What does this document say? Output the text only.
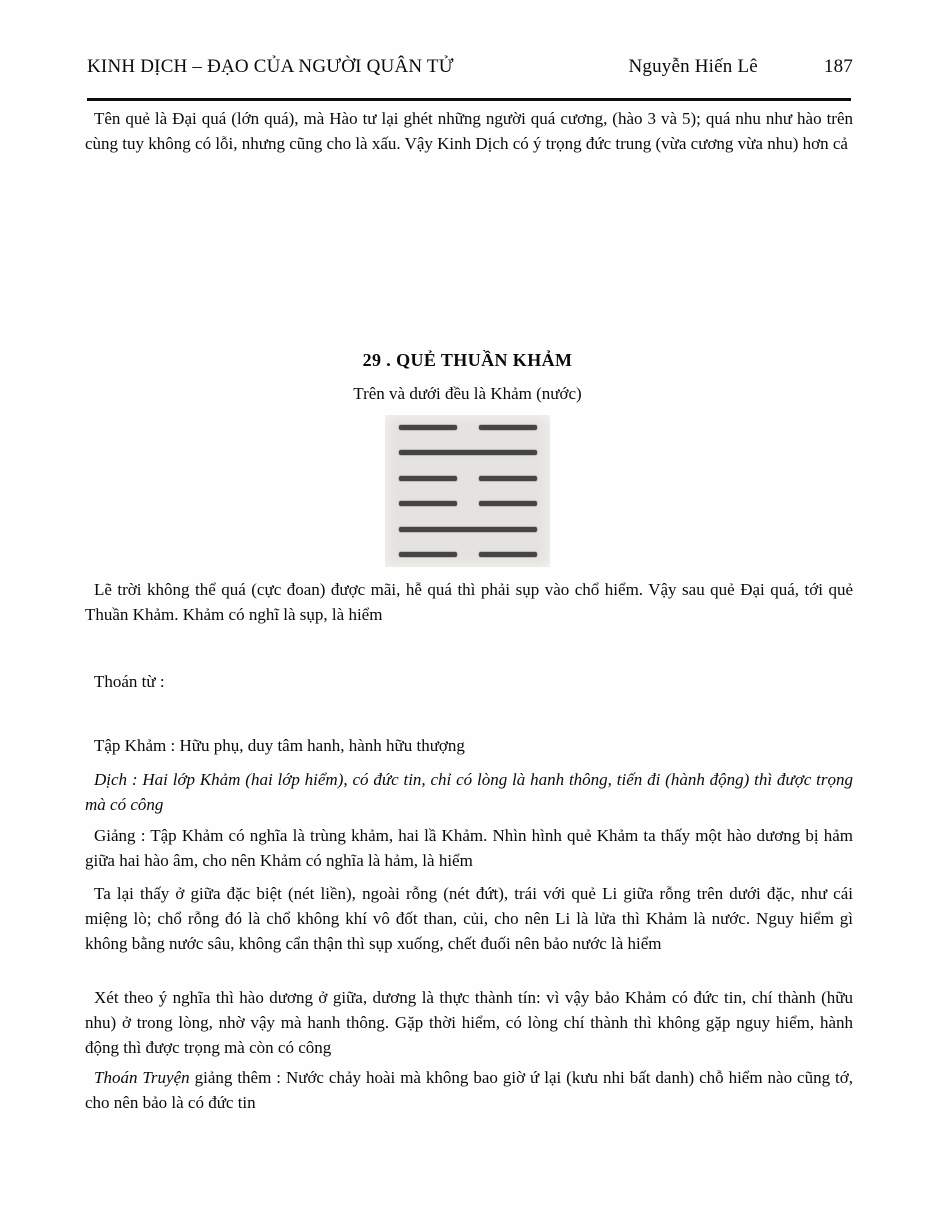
KINH DỊCH – ĐẠO CỦA NGƯỜI QUÂN TỬ	Nguyễn Hiến Lê	187

Tên quẻ là Đại quá (lớn quá), mà Hào tư lại ghét những người quá cương, (hào 3 và 5); quá nhu như hào trên cùng tuy không có lỗi, nhưng cũng cho là xấu. Vậy Kinh Dịch có ý trọng đức trung (vừa cương vừa nhu) hơn cả

29 . QUẺ THUẦN KHẢM

Trên và dưới đều là Khảm (nước)

Lẽ trời không thể quá (cực đoan) được mãi, hễ quá thì phải sụp vào chổ hiểm. Vậy sau quẻ Đại quá, tới quẻ Thuần Khảm. Khảm có nghĩ là sụp, là hiểm

Thoán từ :

Tập Khảm : Hữu phụ, duy tâm hanh, hành hữu thượng

Dịch : Hai lớp Khảm (hai lớp hiểm), có đức tin, chỉ có lòng là hanh thông, tiến đi (hành động) thì được trọng mà có công

Giảng : Tập Khảm có nghĩa là trùng khảm, hai lầ Khảm. Nhìn hình quẻ Khảm ta thấy một hào dương bị hảm giữa hai hào âm, cho nên Khảm có nghĩa là hảm, là hiểm

Ta lại thấy ở giữa đặc biệt (nét liền), ngoài rỗng (nét đứt), trái với quẻ Li giữa rỗng trên dưới đặc, như cái miệng lò; chổ rỗng đó là chổ không khí vô đốt than, củi, cho nên Li là lửa thì Khảm là nước. Nguy hiểm gì không bằng nước sâu, không cẩn thận thì sụp xuống, chết đuối nên bảo nước là hiểm

Xét theo ý nghĩa thì hào dương ở giữa, dương là thực thành tín: vì vậy bảo Khảm có đức tin, chí thành (hữu nhu) ở trong lòng, nhờ vậy mà hanh thông. Gặp thời hiểm, có lòng chí thành thì không gặp nguy hiểm, hành động thì được trọng mà còn có công

Thoán Truyện giảng thêm : Nước chảy hoài mà không bao giờ ứ lại (kưu nhi bất danh) chỗ hiểm nào cũng tớ, cho nên bảo là có đức tin
